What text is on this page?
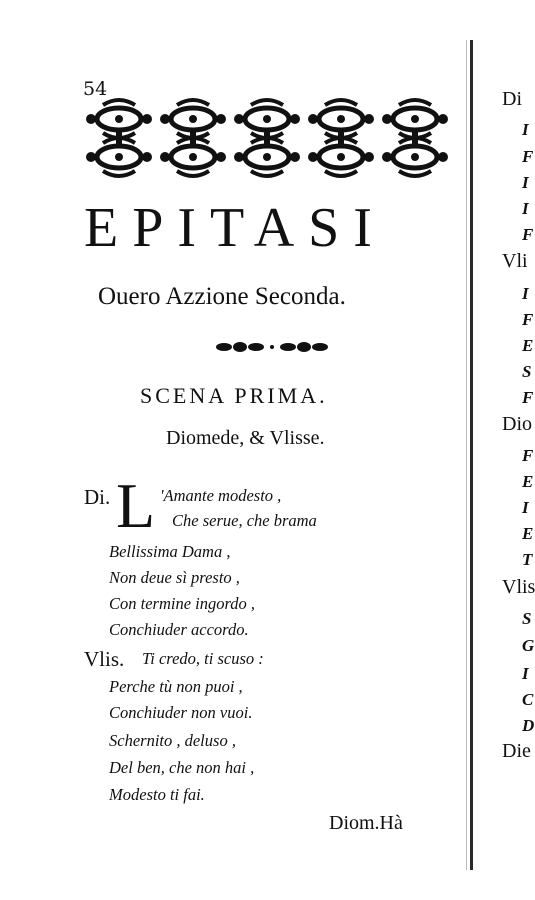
54
EPITASI
Ouero Azzione Seconda.
SCENA PRIMA.
Diomede, & Vlisse.
Di. L 'Amante modesto ,
Che serue, che brama
Bellissima Dama ,
Non deue sì presto ,
Con termine ingordo ,
Conchiuder accordo.
Vlis. Ti credo, ti scuso :
Perche tù non puoi ,
Conchiuder non vuoi.
Schernito , deluso ,
Del ben, che non hai ,
Modesto ti fai.
Diom.Hà
Di
I
F
I
I
F
Vli
I
F
E
S
F
Dio
F
E
I
E
T
Vlis
S
G
I
C
D
Die
